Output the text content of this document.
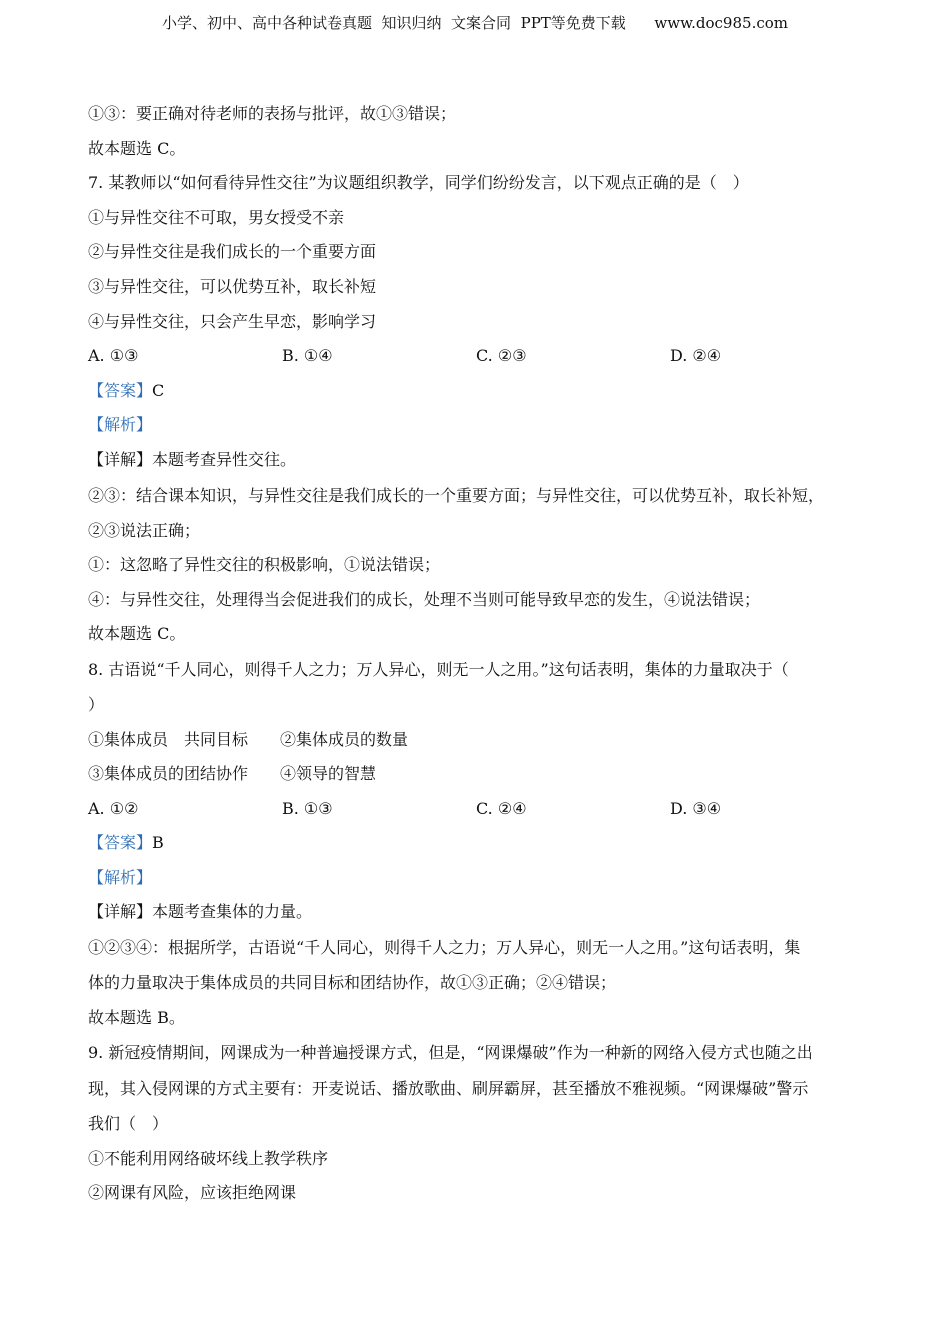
小学、初中、高中各种试卷真题  知识归纳  文案合同  PPT等免费下载      www.doc985.com
①③：要正确对待老师的表扬与批评，故①③错误；
故本题选 C。
7. 某教师以“如何看待异性交往”为议题组织教学，同学们纷纷发言，以下观点正确的是（　）
①与异性交往不可取，男女授受不亲
②与异性交往是我们成长的一个重要方面
③与异性交往，可以优势互补，取长补短
④与异性交往，只会产生早恋，影响学习
A. ①③	B. ①④	C. ②③	D. ②④
【答案】C
【解析】
【详解】本题考查异性交往。
②③：结合课本知识，与异性交往是我们成长的一个重要方面；与异性交往，可以优势互补，取长补短，
②③说法正确；
①：这忽略了异性交往的积极影响，①说法错误；
④：与异性交往，处理得当会促进我们的成长，处理不当则可能导致早恋的发生，④说法错误；
故本题选 C。
8. 古语说“千人同心，则得千人之力；万人异心，则无一人之用。”这句话表明，集体的力量取决于（
）
①集体成员　共同目标　　②集体成员的数量
③集体成员的团结协作　　④领导的智慧
A. ①②	B. ①③	C. ②④	D. ③④
【答案】B
【解析】
【详解】本题考查集体的力量。
①②③④：根据所学，古语说“千人同心，则得千人之力；万人异心，则无一人之用。”这句话表明，集
体的力量取决于集体成员的共同目标和团结协作，故①③正确；②④错误；
故本题选 B。
9. 新冠疫情期间，网课成为一种普遍授课方式，但是，“网课爆破”作为一种新的网络入侵方式也随之出
现，其入侵网课的方式主要有：开麦说话、播放歌曲、刷屏霸屏，甚至播放不雅视频。“网课爆破”警示
我们（　）
①不能利用网络破坏线上教学秩序
②网课有风险，应该拒绝网课
